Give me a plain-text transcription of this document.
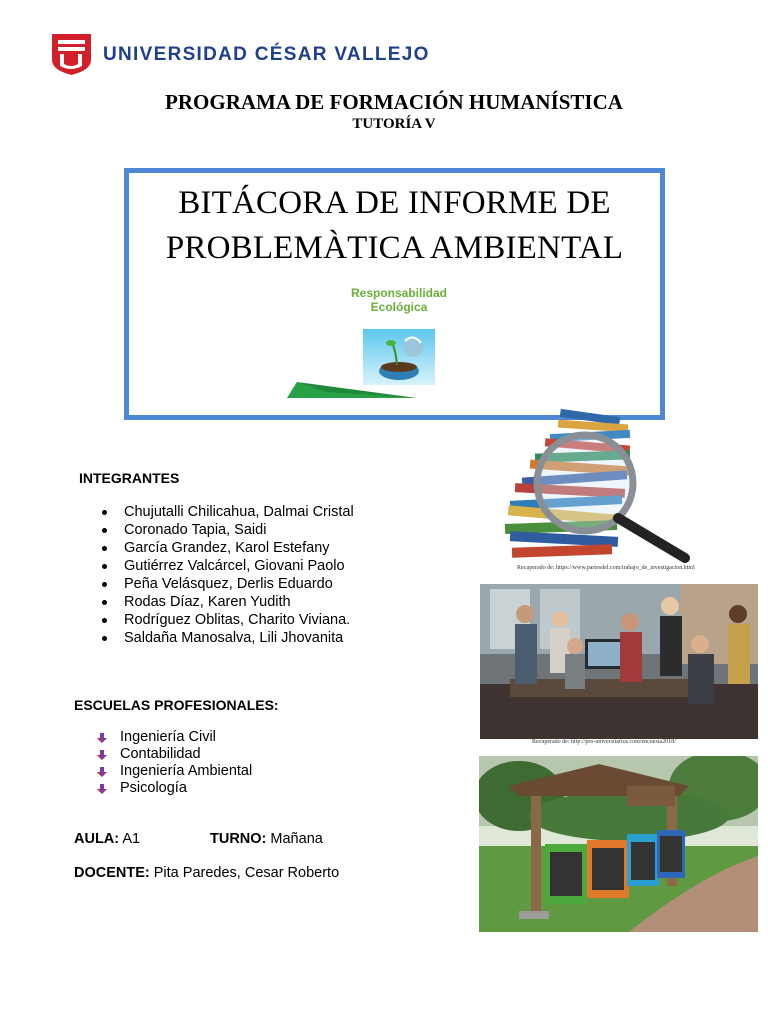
UNIVERSIDAD CÉSAR VALLEJO
PROGRAMA DE FORMACIÓN HUMANÍSTICA
TUTORÍA V
BITÁCORA DE INFORME DE
PROBLEMÀTICA AMBIENTAL
Responsabilidad
Ecológica
INTEGRANTES
Chujutalli Chilicahua, Dalmai Cristal
Coronado Tapia, Saidi
García Grandez, Karol Estefany
Gutiérrez Valcárcel, Giovani Paolo
Peña Velásquez, Derlis Eduardo
Rodas Díaz, Karen Yudith
Rodríguez Oblitas, Charito Viviana.
Saldaña Manosalva, Lili Jhovanita
ESCUELAS PROFESIONALES:
Ingeniería Civil
Contabilidad
Ingeniería Ambiental
Psicología
AULA: A1	TURNO: Mañana
DOCENTE: Pita Paredes, Cesar Roberto
Recuperado de: https://www.partesdel.com/trabajo_de_investigacion.html
Recuperado de: http://pro-universitarios.com/encuesta2018/
